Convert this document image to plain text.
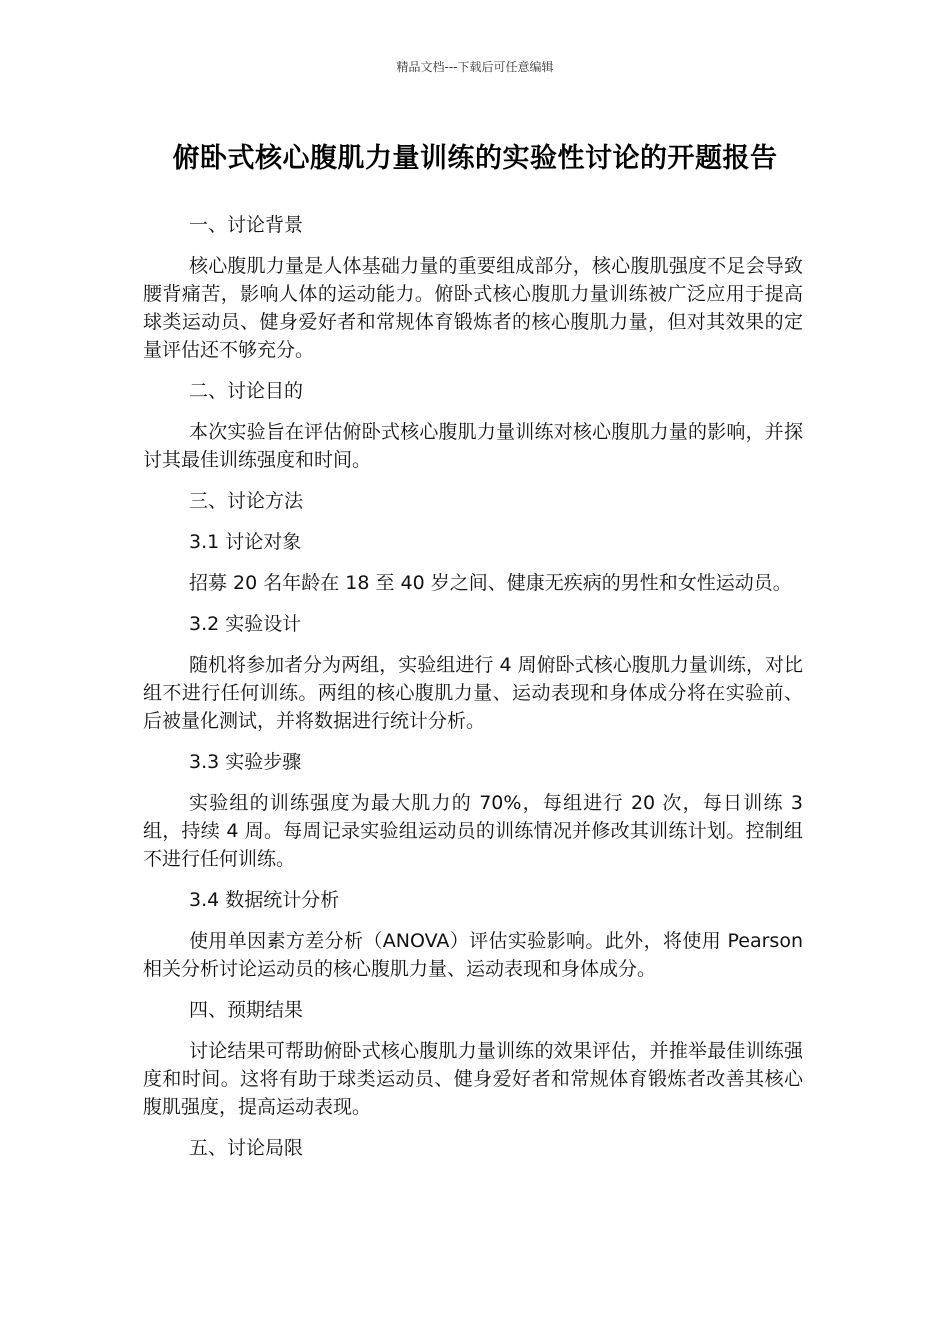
精品文档---下载后可任意编辑
俯卧式核心腹肌力量训练的实验性讨论的开题报告

一、讨论背景

核心腹肌力量是人体基础力量的重要组成部分，核心腹肌强度不足会导致腰背痛苦，影响人体的运动能力。俯卧式核心腹肌力量训练被广泛应用于提高球类运动员、健身爱好者和常规体育锻炼者的核心腹肌力量，但对其效果的定量评估还不够充分。

二、讨论目的

本次实验旨在评估俯卧式核心腹肌力量训练对核心腹肌力量的影响，并探讨其最佳训练强度和时间。

三、讨论方法

3.1 讨论对象

招募 20 名年龄在 18 至 40 岁之间、健康无疾病的男性和女性运动员。

3.2 实验设计

随机将参加者分为两组，实验组进行 4 周俯卧式核心腹肌力量训练，对比组不进行任何训练。两组的核心腹肌力量、运动表现和身体成分将在实验前、后被量化测试，并将数据进行统计分析。

3.3 实验步骤

实验组的训练强度为最大肌力的 70%，每组进行 20 次，每日训练 3 组，持续 4 周。每周记录实验组运动员的训练情况并修改其训练计划。控制组不进行任何训练。

3.4 数据统计分析

使用单因素方差分析（ANOVA）评估实验影响。此外，将使用 Pearson 相关分析讨论运动员的核心腹肌力量、运动表现和身体成分。

四、预期结果

讨论结果可帮助俯卧式核心腹肌力量训练的效果评估，并推举最佳训练强度和时间。这将有助于球类运动员、健身爱好者和常规体育锻炼者改善其核心腹肌强度，提高运动表现。

五、讨论局限
